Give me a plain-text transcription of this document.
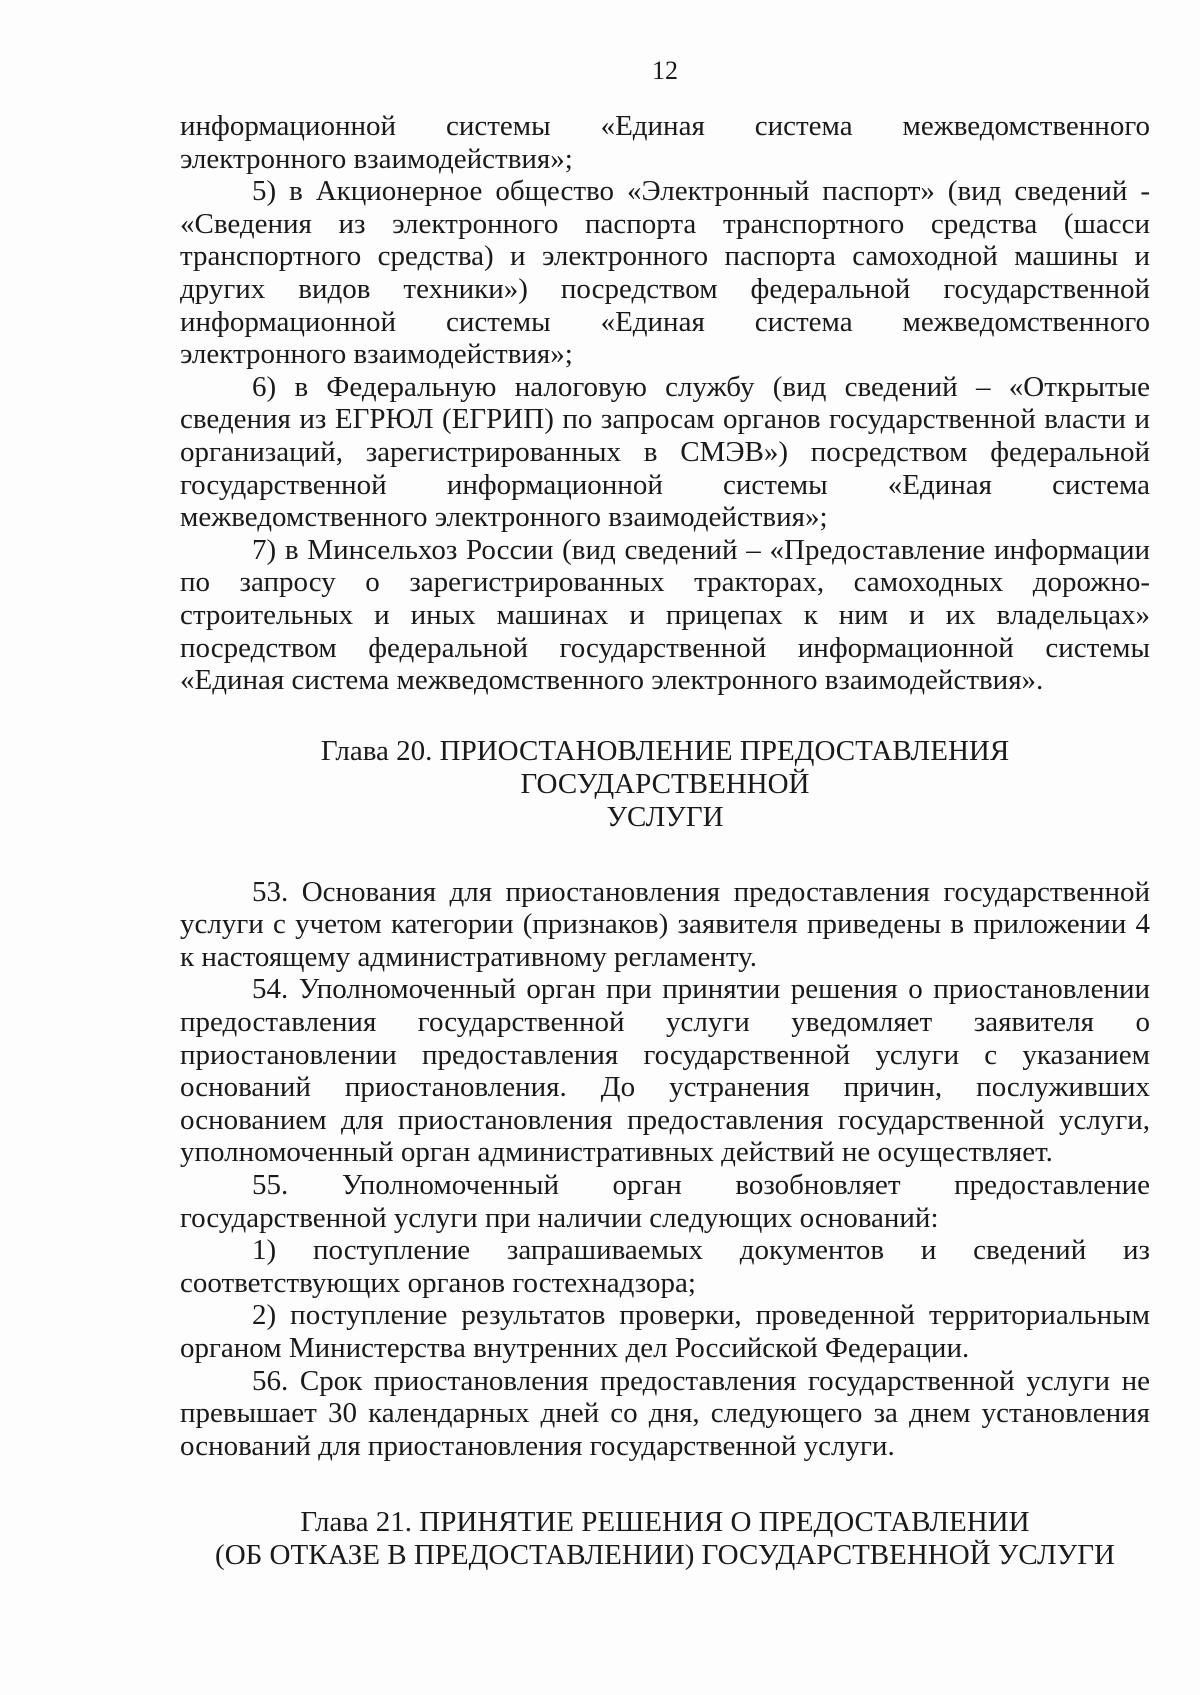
12

информационной системы «Единая система межведомственного электронного взаимодействия»;

5) в Акционерное общество «Электронный паспорт» (вид сведений - «Сведения из электронного паспорта транспортного средства (шасси транспортного средства) и электронного паспорта самоходной машины и других видов техники») посредством федеральной государственной информационной системы «Единая система межведомственного электронного взаимодействия»;

6) в Федеральную налоговую службу (вид сведений – «Открытые сведения из ЕГРЮЛ (ЕГРИП) по запросам органов государственной власти и организаций, зарегистрированных в СМЭВ») посредством федеральной государственной информационной системы «Единая система межведомственного электронного взаимодействия»;

7) в Минсельхоз России (вид сведений – «Предоставление информации по запросу о зарегистрированных тракторах, самоходных дорожно-строительных и иных машинах и прицепах к ним и их владельцах» посредством федеральной государственной информационной системы «Единая система межведомственного электронного взаимодействия».

Глава 20. ПРИОСТАНОВЛЕНИЕ ПРЕДОСТАВЛЕНИЯ ГОСУДАРСТВЕННОЙ
УСЛУГИ

53. Основания для приостановления предоставления государственной услуги с учетом категории (признаков) заявителя приведены в приложении 4 к настоящему административному регламенту.

54. Уполномоченный орган при принятии решения о приостановлении предоставления государственной услуги уведомляет заявителя о приостановлении предоставления государственной услуги с указанием оснований приостановления. До устранения причин, послуживших основанием для приостановления предоставления государственной услуги, уполномоченный орган административных действий не осуществляет.

55. Уполномоченный орган возобновляет предоставление государственной услуги при наличии следующих оснований:

1) поступление запрашиваемых документов и сведений из соответствующих органов гостехнадзора;

2) поступление результатов проверки, проведенной территориальным органом Министерства внутренних дел Российской Федерации.

56. Срок приостановления предоставления государственной услуги не превышает 30 календарных дней со дня, следующего за днем установления оснований для приостановления государственной услуги.

Глава 21. ПРИНЯТИЕ РЕШЕНИЯ О ПРЕДОСТАВЛЕНИИ
(ОБ ОТКАЗЕ В ПРЕДОСТАВЛЕНИИ) ГОСУДАРСТВЕННОЙ УСЛУГИ
